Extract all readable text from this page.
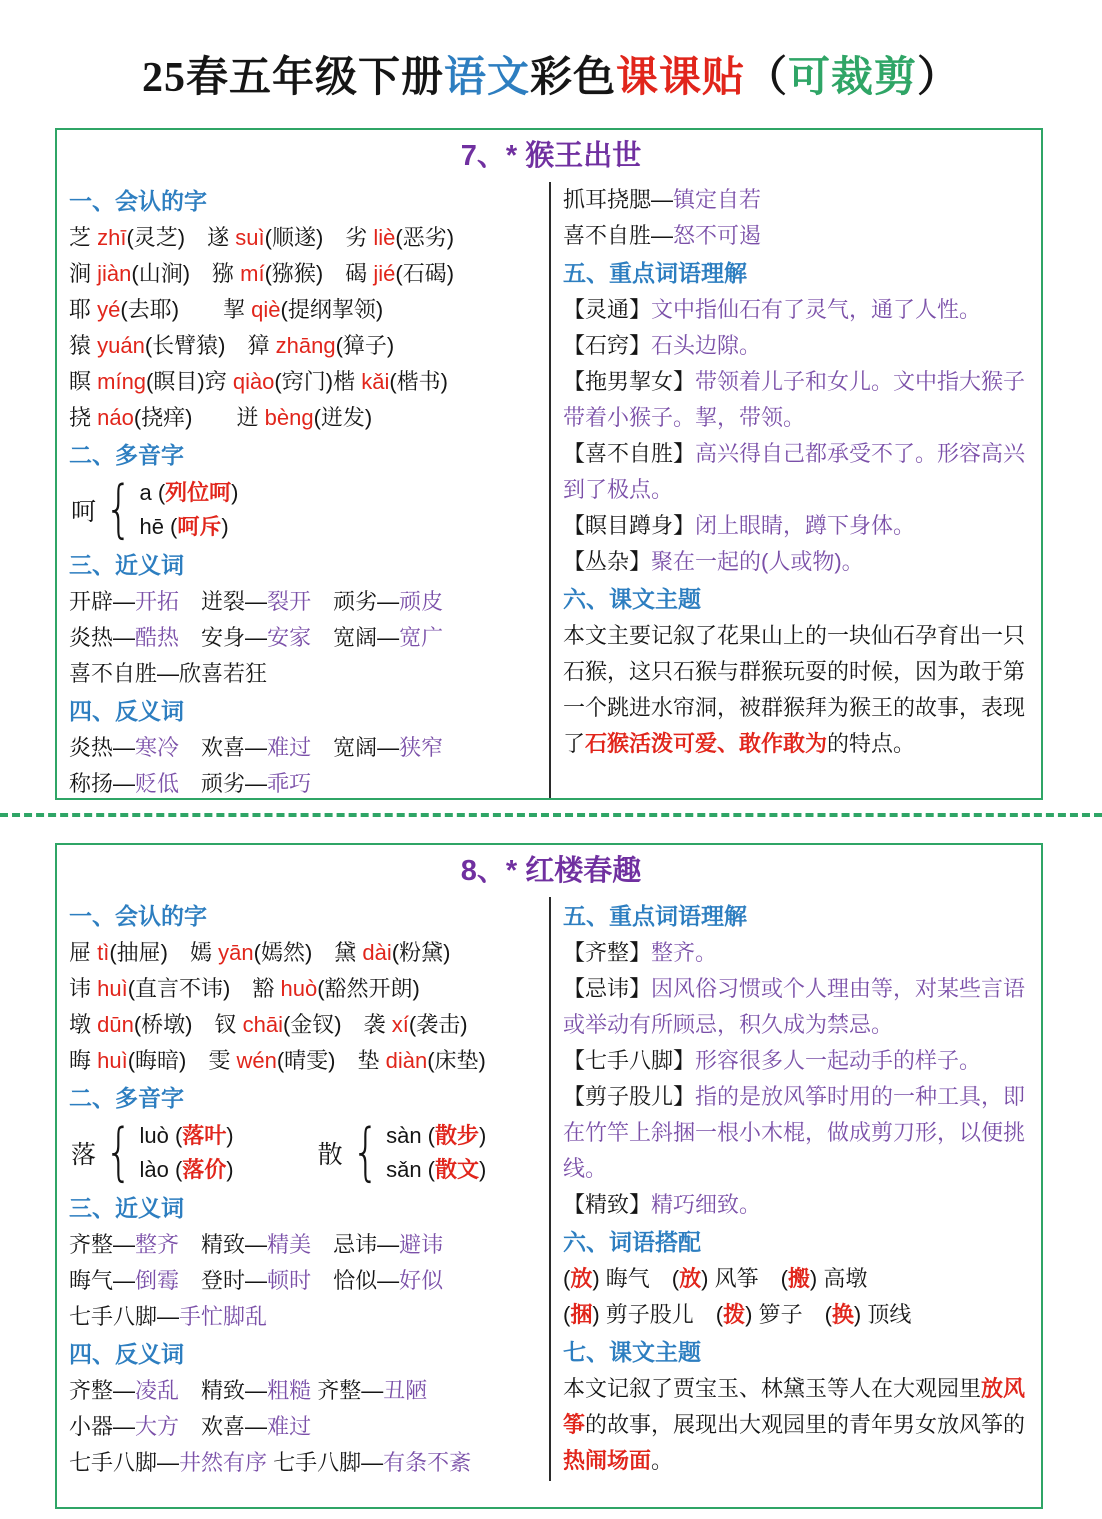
25春五年级下册语文彩色课课贴（可裁剪）
7、* 猴王出世
一、会认的字
芝 zhī(灵芝)　遂 suì(顺遂)　劣 liè(恶劣)
涧 jiàn(山涧)　猕 mí(猕猴)　碣 jié(石碣)
耶 yé(去耶)　　挈 qiè(提纲挈领)
猿 yuán(长臂猿)　獐 zhāng(獐子)
瞑 míng(瞑目)窍 qiào(窍门)楷 kǎi(楷书)
挠 náo(挠痒)　　迸 bèng(迸发)
二、多音字
呵 { a (列位呵)
hē (呵斥)
三、近义词
开辟—开拓　 迸裂—裂开　 顽劣—顽皮
炎热—酷热　 安身—安家　 宽阔—宽广
喜不自胜—欣喜若狂
四、反义词
炎热—寒冷　 欢喜—难过　 宽阔—狭窄
称扬—贬低　 顽劣—乖巧
抓耳挠腮—镇定自若
喜不自胜—怒不可遏
五、重点词语理解
【灵通】文中指仙石有了灵气，通了人性。
【石窍】石头边隙。
【拖男挈女】带领着儿子和女儿。文中指大猴子带着小猴子。挈，带领。
【喜不自胜】高兴得自己都承受不了。形容高兴到了极点。
【瞑目蹲身】闭上眼睛，蹲下身体。
【丛杂】聚在一起的(人或物)。
六、课文主题
本文主要记叙了花果山上的一块仙石孕育出一只石猴，这只石猴与群猴玩耍的时候，因为敢于第一个跳进水帘洞，被群猴拜为猴王的故事，表现了石猴活泼可爱、敢作敢为的特点。
8、* 红楼春趣
一、会认的字
屉 tì(抽屉)　嫣 yān(嫣然)　黛 dài(粉黛)
讳 huì(直言不讳)　豁 huò(豁然开朗)
墩 dūn(桥墩)　钗 chāi(金钗)　袭 xí(袭击)
晦 huì(晦暗)　雯 wén(晴雯)　垫 diàn(床垫)
二、多音字
落 { luò (落叶)
lào (落价)
散 { sàn (散步)
sǎn (散文)
三、近义词
齐整—整齐　 精致—精美　 忌讳—避讳
晦气—倒霉　 登时—顿时　 恰似—好似
七手八脚—手忙脚乱
四、反义词
齐整—凌乱　 精致—粗糙 齐整—丑陋
小器—大方　 欢喜—难过
七手八脚—井然有序 七手八脚—有条不紊
五、重点词语理解
【齐整】整齐。
【忌讳】因风俗习惯或个人理由等，对某些言语或举动有所顾忌，积久成为禁忌。
【七手八脚】形容很多人一起动手的样子。
【剪子股儿】指的是放风筝时用的一种工具，即在竹竿上斜捆一根小木棍，做成剪刀形，以便挑线。
【精致】精巧细致。
六、词语搭配
(放) 晦气　(放) 风筝　(搬) 高墩
(捆) 剪子股儿　(拨) 箩子　(换) 顶线
七、课文主题
本文记叙了贾宝玉、林黛玉等人在大观园里放风筝的故事，展现出大观园里的青年男女放风筝的热闹场面。
